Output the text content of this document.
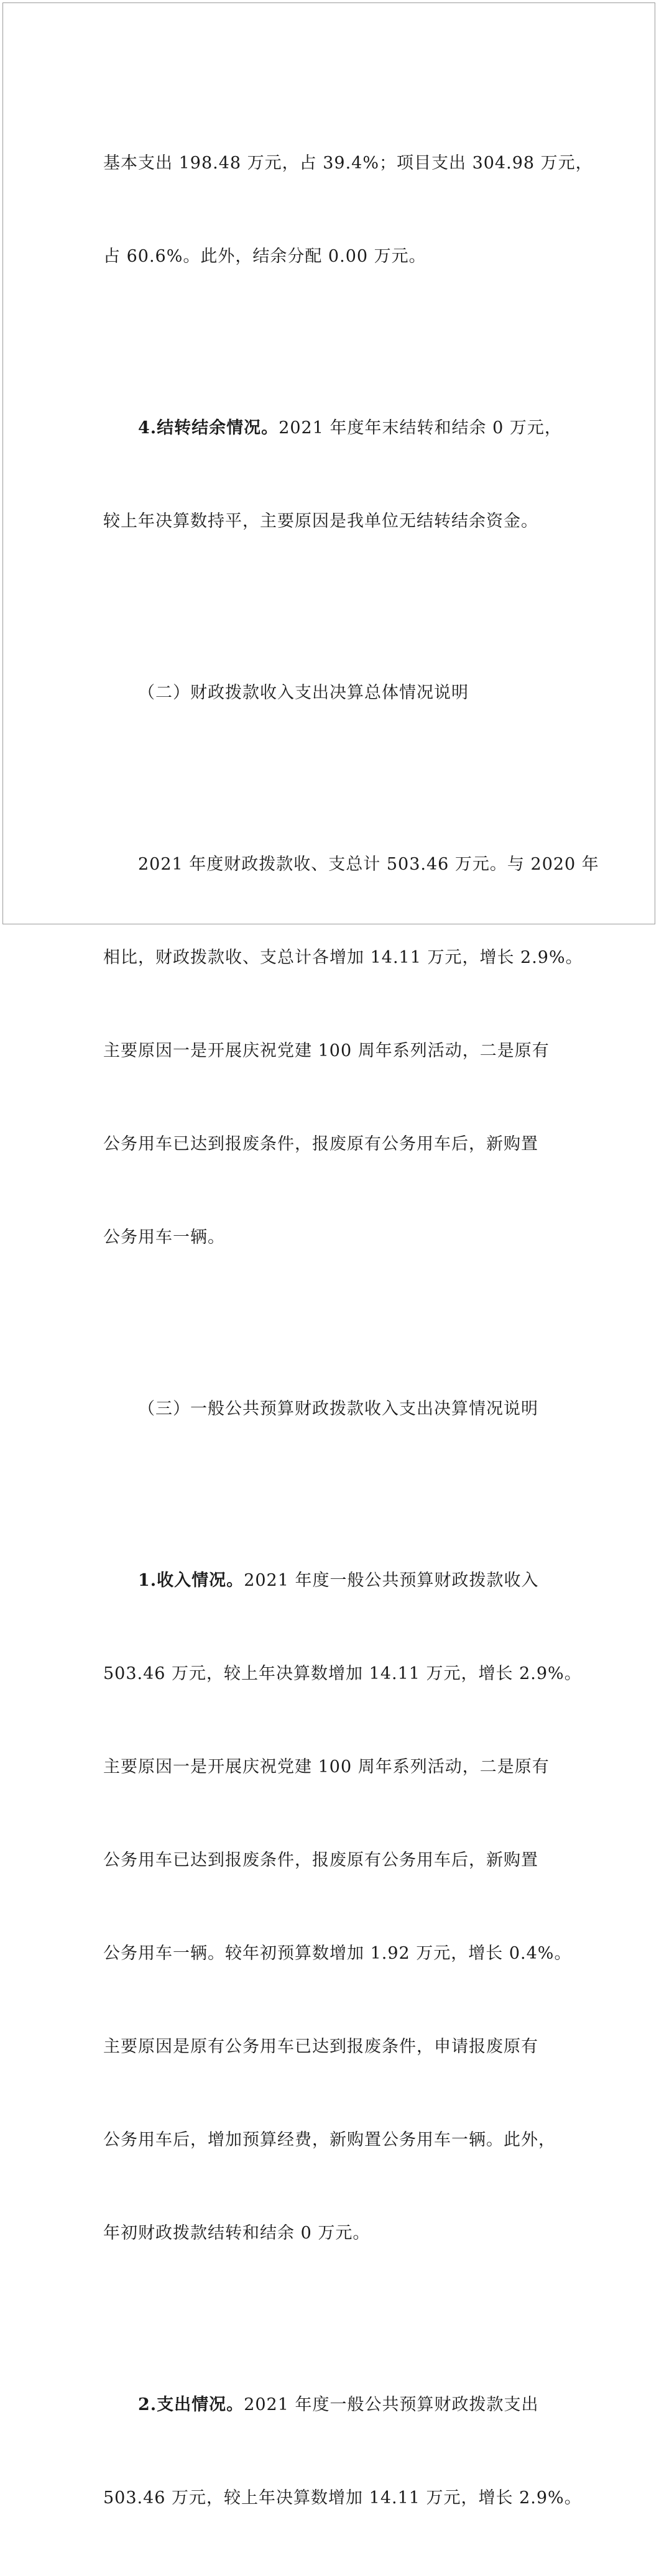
基本支出 198.48 万元，占 39.4%；项目支出 304.98 万元，

占 60.6%。此外，结余分配 0.00 万元。

4.结转结余情况。2021 年度年末结转和结余 0 万元，

较上年决算数持平，主要原因是我单位无结转结余资金。

（二）财政拨款收入支出决算总体情况说明

2021 年度财政拨款收、支总计 503.46 万元。与 2020 年

相比，财政拨款收、支总计各增加 14.11 万元，增长 2.9%。

主要原因一是开展庆祝党建 100 周年系列活动，二是原有

公务用车已达到报废条件，报废原有公务用车后，新购置

公务用车一辆。

（三）一般公共预算财政拨款收入支出决算情况说明

1.收入情况。2021 年度一般公共预算财政拨款收入

503.46 万元，较上年决算数增加 14.11 万元，增长 2.9%。

主要原因一是开展庆祝党建 100 周年系列活动，二是原有

公务用车已达到报废条件，报废原有公务用车后，新购置

公务用车一辆。较年初预算数增加 1.92 万元，增长 0.4%。

主要原因是原有公务用车已达到报废条件，申请报废原有

公务用车后，增加预算经费，新购置公务用车一辆。此外，

年初财政拨款结转和结余 0 万元。

2.支出情况。2021 年度一般公共预算财政拨款支出

503.46 万元，较上年决算数增加 14.11 万元，增长 2.9%。
